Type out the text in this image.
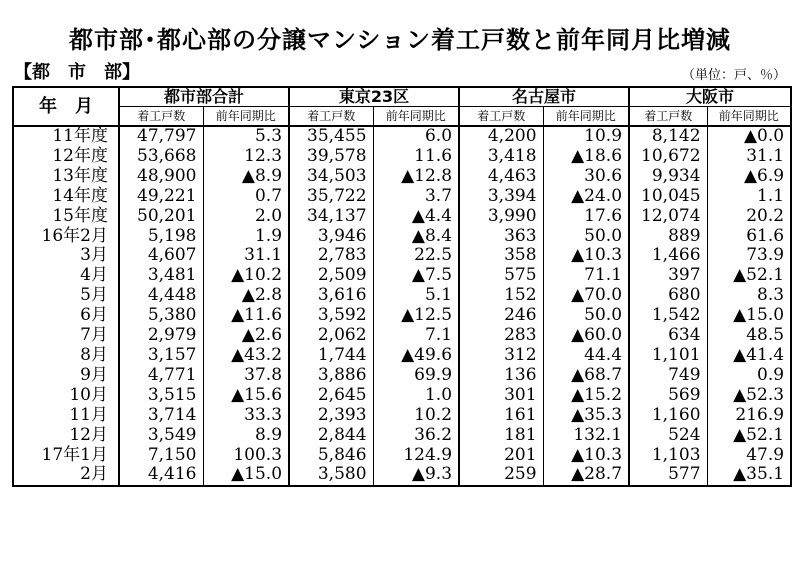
都市部･都心部の分譲マンション着工戸数と前年同月比増減
【都　市　部】	（単位：戸、％）
年　月	都市部合計		東京23区		名古屋市		大阪市	
	着工戸数	前年同期比	着工戸数	前年同期比	着工戸数	前年同期比	着工戸数	前年同期比
11年度	47,797	5.3	35,455	6.0	4,200	10.9	8,142	▲0.0
12年度	53,668	12.3	39,578	11.6	3,418	▲18.6	10,672	31.1
13年度	48,900	▲8.9	34,503	▲12.8	4,463	30.6	9,934	▲6.9
14年度	49,221	0.7	35,722	3.7	3,394	▲24.0	10,045	1.1
15年度	50,201	2.0	34,137	▲4.4	3,990	17.6	12,074	20.2
16年2月	5,198	1.9	3,946	▲8.4	363	50.0	889	61.6
3月	4,607	31.1	2,783	22.5	358	▲10.3	1,466	73.9
4月	3,481	▲10.2	2,509	▲7.5	575	71.1	397	▲52.1
5月	4,448	▲2.8	3,616	5.1	152	▲70.0	680	8.3
6月	5,380	▲11.6	3,592	▲12.5	246	50.0	1,542	▲15.0
7月	2,979	▲2.6	2,062	7.1	283	▲60.0	634	48.5
8月	3,157	▲43.2	1,744	▲49.6	312	44.4	1,101	▲41.4
9月	4,771	37.8	3,886	69.9	136	▲68.7	749	0.9
10月	3,515	▲15.6	2,645	1.0	301	▲15.2	569	▲52.3
11月	3,714	33.3	2,393	10.2	161	▲35.3	1,160	216.9
12月	3,549	8.9	2,844	36.2	181	132.1	524	▲52.1
17年1月	7,150	100.3	5,846	124.9	201	▲10.3	1,103	47.9
2月	4,416	▲15.0	3,580	▲9.3	259	▲28.7	577	▲35.1
